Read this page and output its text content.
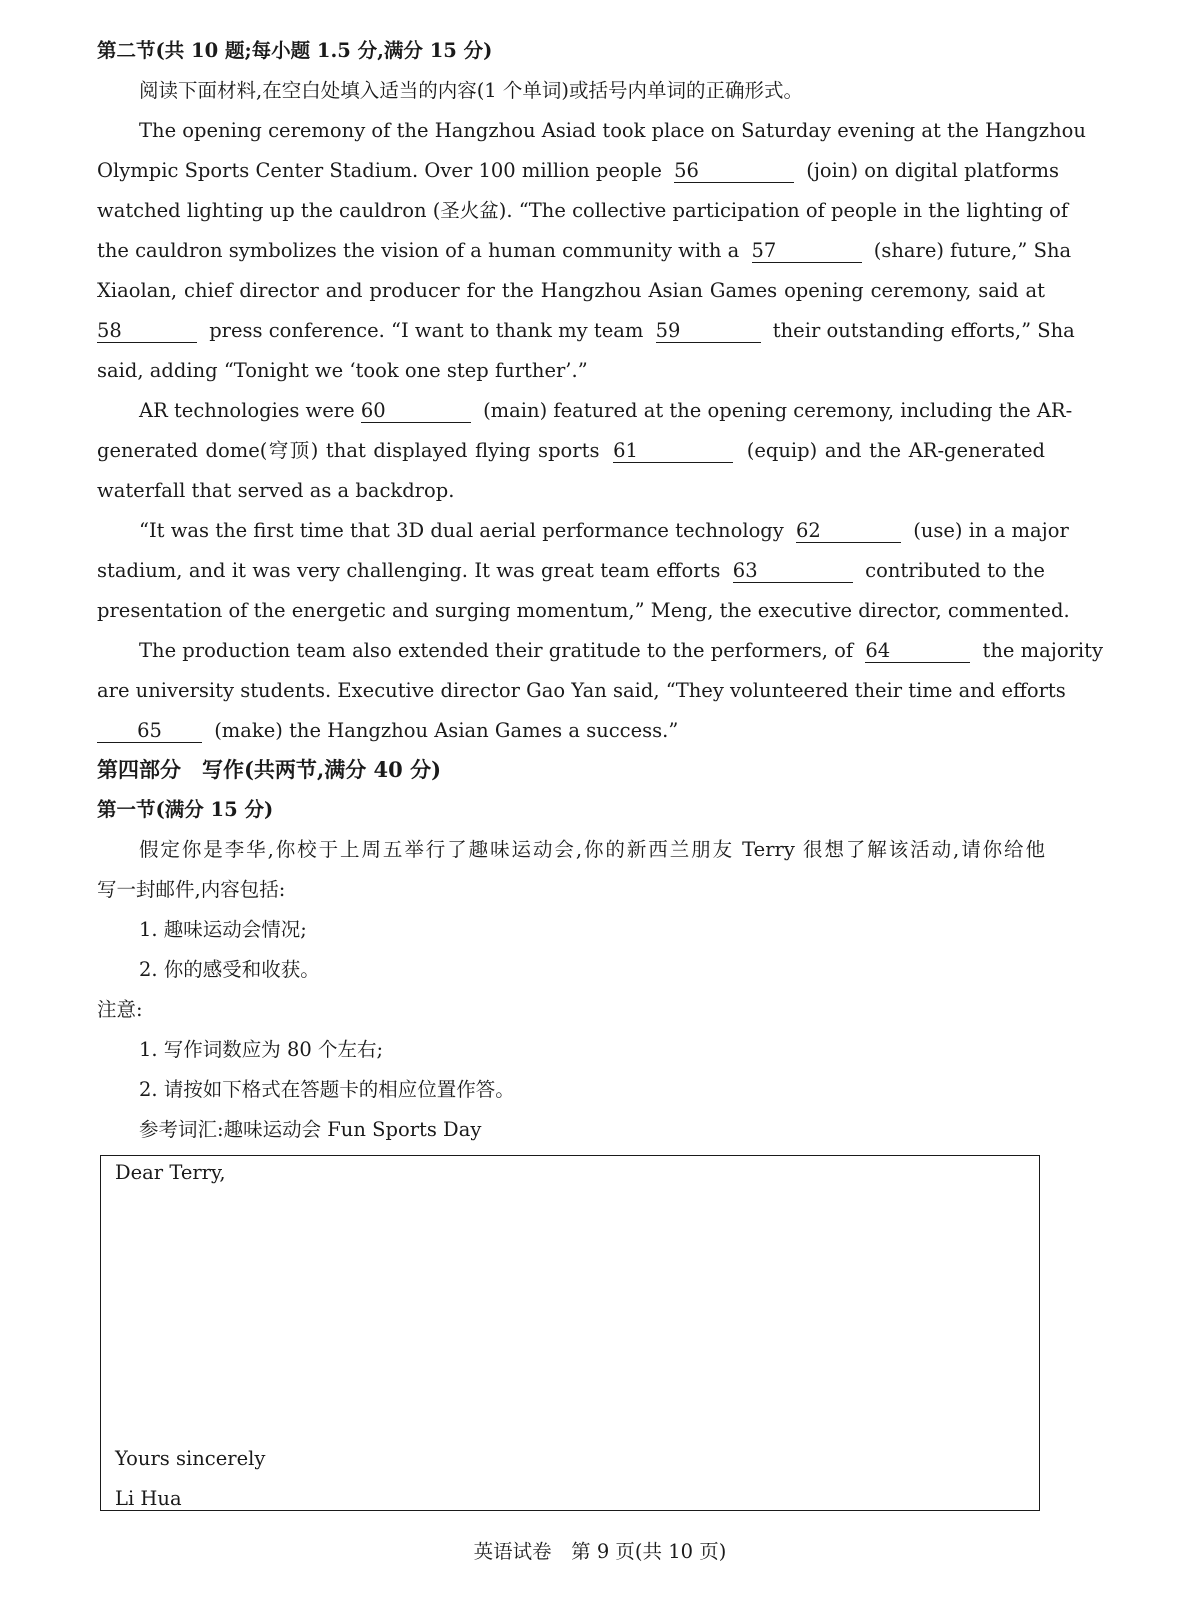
第二节(共 10 题;每小题 1.5 分,满分 15 分)
阅读下面材料,在空白处填入适当的内容(1 个单词)或括号内单词的正确形式。
The opening ceremony of the Hangzhou Asiad took place on Saturday evening at the Hangzhou
Olympic Sports Center Stadium. Over 100 million people 56	(join) on digital platforms
watched lighting up the cauldron (圣火盆). “The collective participation of people in the lighting of
the cauldron symbolizes the vision of a human community with a 57	(share) future,” Sha
Xiaolan, chief director and producer for the Hangzhou Asian Games opening ceremony, said at
58	press conference. “I want to thank my team 59	their outstanding efforts,” Sha
said, adding “Tonight we ‘took one step further’.”
AR technologies were 60	(main) featured at the opening ceremony, including the AR-
generated dome(穹顶) that displayed flying sports 61	(equip) and the AR-generated
waterfall that served as a backdrop.
“It was the first time that 3D dual aerial performance technology 62	(use) in a major
stadium, and it was very challenging. It was great team efforts 63	contributed to the
presentation of the energetic and surging momentum,” Meng, the executive director, commented.
The production team also extended their gratitude to the performers, of 64	the majority
are university students. Executive director Gao Yan said, “They volunteered their time and efforts
65	(make) the Hangzhou Asian Games a success.”
第四部分　写作(共两节,满分 40 分)
第一节(满分 15 分)
假定你是李华,你校于上周五举行了趣味运动会,你的新西兰朋友 Terry 很想了解该活动,请你给他
写一封邮件,内容包括:
1. 趣味运动会情况;
2. 你的感受和收获。
注意:
1. 写作词数应为 80 个左右;
2. 请按如下格式在答题卡的相应位置作答。
参考词汇:趣味运动会 Fun Sports Day
Dear Terry,
Yours sincerely
Li Hua
英语试卷　第 9 页(共 10 页)
